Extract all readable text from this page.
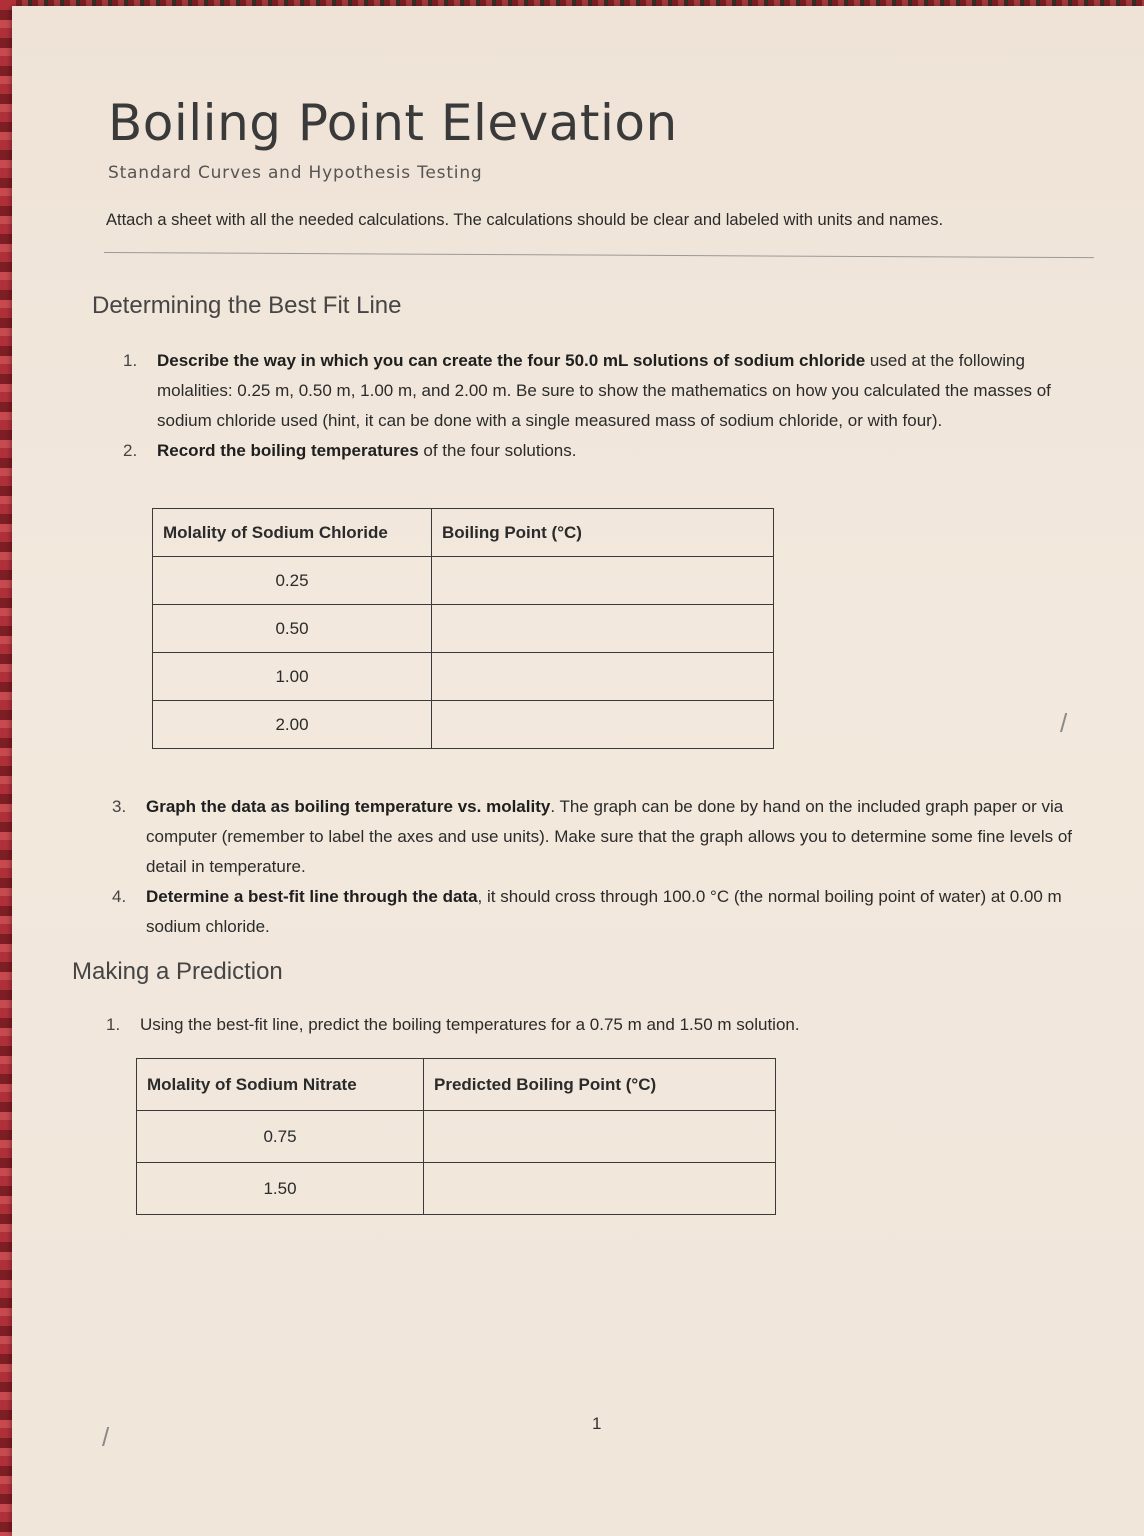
Boiling Point Elevation

Standard Curves and Hypothesis Testing

Attach a sheet with all the needed calculations. The calculations should be clear and labeled with units and names.

Determining the Best Fit Line
1. Describe the way in which you can create the four 50.0 mL solutions of sodium chloride used at the following molalities: 0.25 m, 0.50 m, 1.00 m, and 2.00 m. Be sure to show the mathematics on how you calculated the masses of sodium chloride used (hint, it can be done with a single measured mass of sodium chloride, or with four).
2. Record the boiling temperatures of the four solutions.
Molality of Sodium Chloride	Boiling Point (°C)
0.25	
0.50	
1.00	
2.00		/
3. Graph the data as boiling temperature vs. molality. The graph can be done by hand on the included graph paper or via computer (remember to label the axes and use units). Make sure that the graph allows you to determine some fine levels of detail in temperature.
4. Determine a best-fit line through the data, it should cross through 100.0 °C (the normal boiling point of water) at 0.00 m sodium chloride.
Making a Prediction
1. Using the best-fit line, predict the boiling temperatures for a 0.75 m and 1.50 m solution.
Molality of Sodium Nitrate	Predicted Boiling Point (°C)
0.75	
1.50	
1
/
